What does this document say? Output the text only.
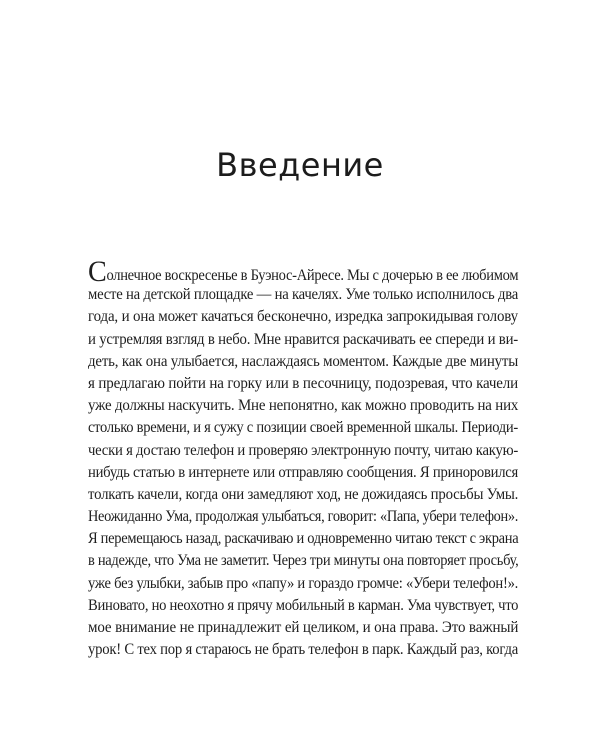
Введение
Солнечное воскресенье в Буэнос-Айресе. Мы с дочерью в ее любимом
месте на детской площадке — на качелях. Уме только исполнилось два
года, и она может качаться бесконечно, изредка запрокидывая голову
и устремляя взгляд в небо. Мне нравится раскачивать ее спереди и ви-
деть, как она улыбается, наслаждаясь моментом. Каждые две минуты
я предлагаю пойти на горку или в песочницу, подозревая, что качели
уже должны наскучить. Мне непонятно, как можно проводить на них
столько времени, и я сужу с позиции своей временной шкалы. Периоди-
чески я достаю телефон и проверяю электронную почту, читаю какую-
нибудь статью в интернете или отправляю сообщения. Я приноровился
толкать качели, когда они замедляют ход, не дожидаясь просьбы Умы.
Неожиданно Ума, продолжая улыбаться, говорит: «Папа, убери телефон».
Я перемещаюсь назад, раскачиваю и одновременно читаю текст с экрана
в надежде, что Ума не заметит. Через три минуты она повторяет просьбу,
уже без улыбки, забыв про «папу» и гораздо громче: «Убери телефон!».
Виновато, но неохотно я прячу мобильный в карман. Ума чувствует, что
мое внимание не принадлежит ей целиком, и она права. Это важный
урок! С тех пор я стараюсь не брать телефон в парк. Каждый раз, когда
